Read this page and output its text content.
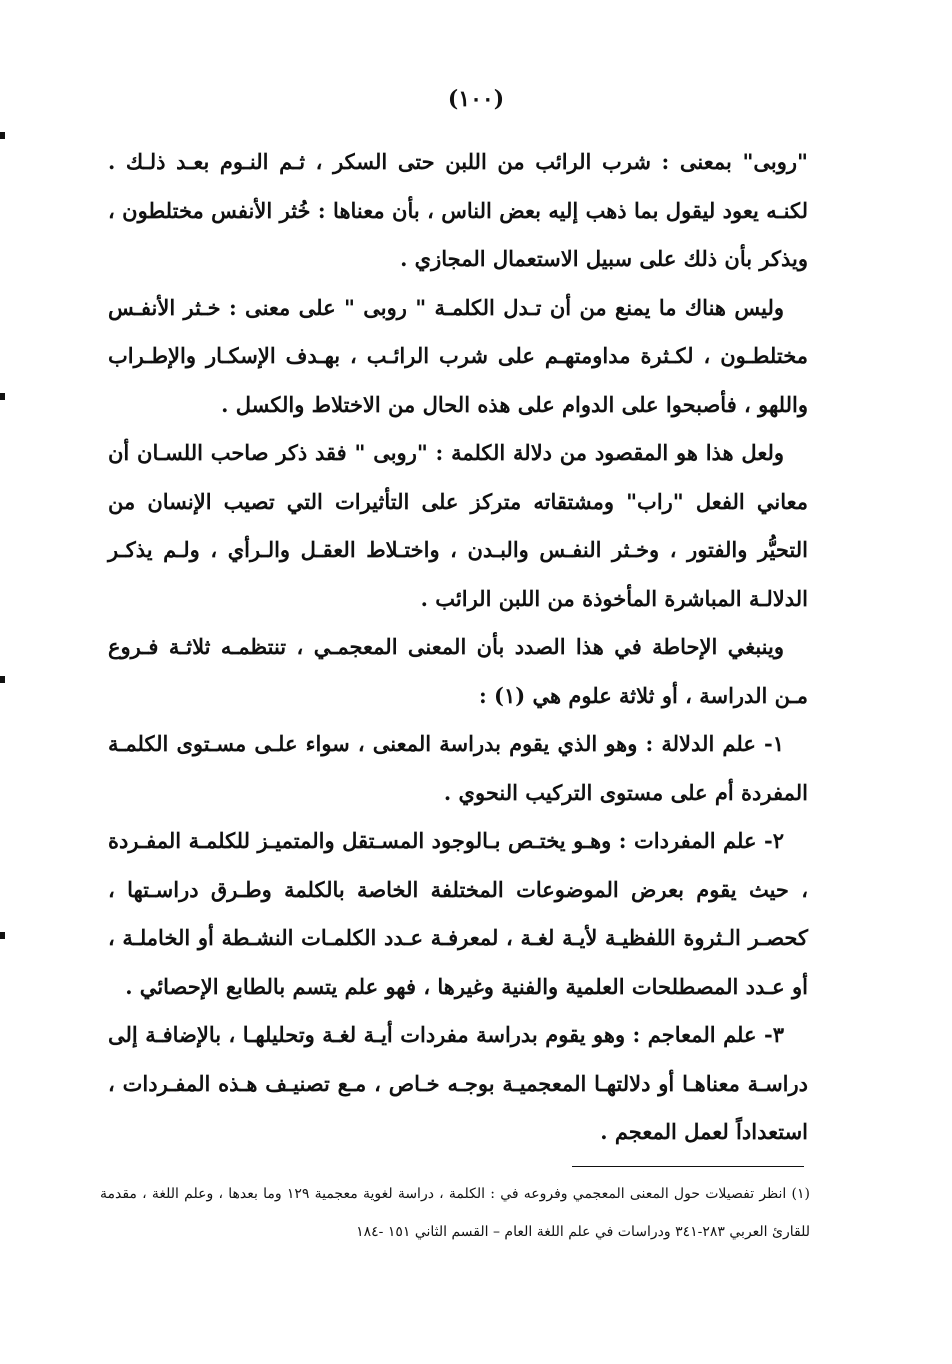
(١٠٠)

"روبى" بمعنى : شرب الرائب من اللبن حتى السكر ، ثـم النـوم بعـد ذلـك . لكنـه يعود ليقول بما ذهب إليه بعض الناس ، بأن معناها : خُثر الأنفس مختلطون ، ويذكر بأن ذلك على سبيل الاستعمال المجازي .

وليس هناك ما يمنع من أن تـدل الكلمـة " روبى " على معنى : خـثر الأنفـس مختلطـون ، لكـثرة مداومتهـم على شرب الرائـب ، بهـدف الإسكـار والإطـراب واللهو ، فأصبحوا على الدوام على هذه الحال من الاختلاط والكسل .

ولعل هذا هو المقصود من دلالة الكلمة : "روبى " فقد ذكر صاحب اللسـان أن معاني الفعل "راب" ومشتقاته مترکز على التأثيرات التي تصيب الإنسان من التحيُّر والفتور ، وخـثر النفـس والبـدن ، واختـلاط العقـل والـرأي ، ولـم يذكـر الدلالـة المباشرة المأخوذة من اللبن الرائب .

وينبغي الإحاطة في هذا الصدد بأن المعنى المعجمـي ، تنتظمـه ثلاثـة فـروع مـن الدراسة ، أو ثلاثة علوم هي (١) :

١- علم الدلالة : وهو الذي يقوم بدراسة المعنى ، سواء علـى مسـتوى الكلمـة المفردة أم على مستوى التركيب النحوي .

٢- علم المفردات : وهـو يختـص بـالوجود المسـتقل والمتميـز للكلمـة المفـردة ، حيث يقوم بعرض الموضوعات المختلفة الخاصة بالكلمة وطـرق دراسـتها ، كحصـر الـثروة اللفظيـة لأيـة لغـة ، لمعرفـة عـدد الكلمـات النشـطة أو الخاملـة ، أو عـدد المصطلحات العلمية والفنية وغيرها ، فهو علم يتسم بالطابع الإحصائي .

٣- علم المعاجم : وهو يقوم بدراسة مفردات أيـة لغـة وتحليلهـا ، بالإضافـة إلى دراسـة معناهـا أو دلالتهـا المعجميـة بوجـه خـاص ، مـع تصنيـف هـذه المفـردات ، استعداداً لعمل المعجم .

(١) انظر تفصيلات حول المعنى المعجمي وفروعه في : الكلمة ، دراسة لغوية معجمية ١٢٩ وما بعدها ، وعلم اللغة ، مقدمة للقارئ العربي ٢٨٣-٣٤١ ودراسات في علم اللغة العام – القسم الثاني ١٥١ -١٨٤
